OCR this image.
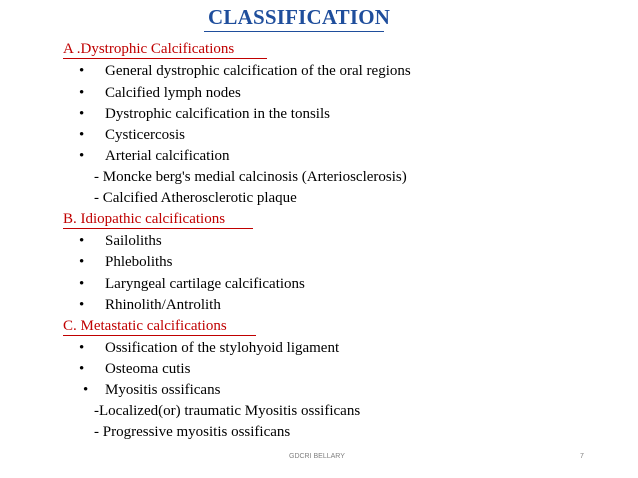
CLASSIFICATION
A .Dystrophic Calcifications
• General dystrophic calcification of the oral regions
• Calcified lymph nodes
• Dystrophic calcification in the tonsils
• Cysticercosis
• Arterial calcification
- Moncke berg's medial calcinosis (Arteriosclerosis)
- Calcified Atherosclerotic plaque
B. Idiopathic calcifications
• Sailoliths
• Phleboliths
• Laryngeal cartilage calcifications
• Rhinolith/Antrolith
C. Metastatic calcifications
• Ossification of the stylohyoid ligament
• Osteoma cutis
• Myositis ossificans
-Localized(or) traumatic Myositis ossificans
- Progressive myositis ossificans
GDCRI BELLARY	7
